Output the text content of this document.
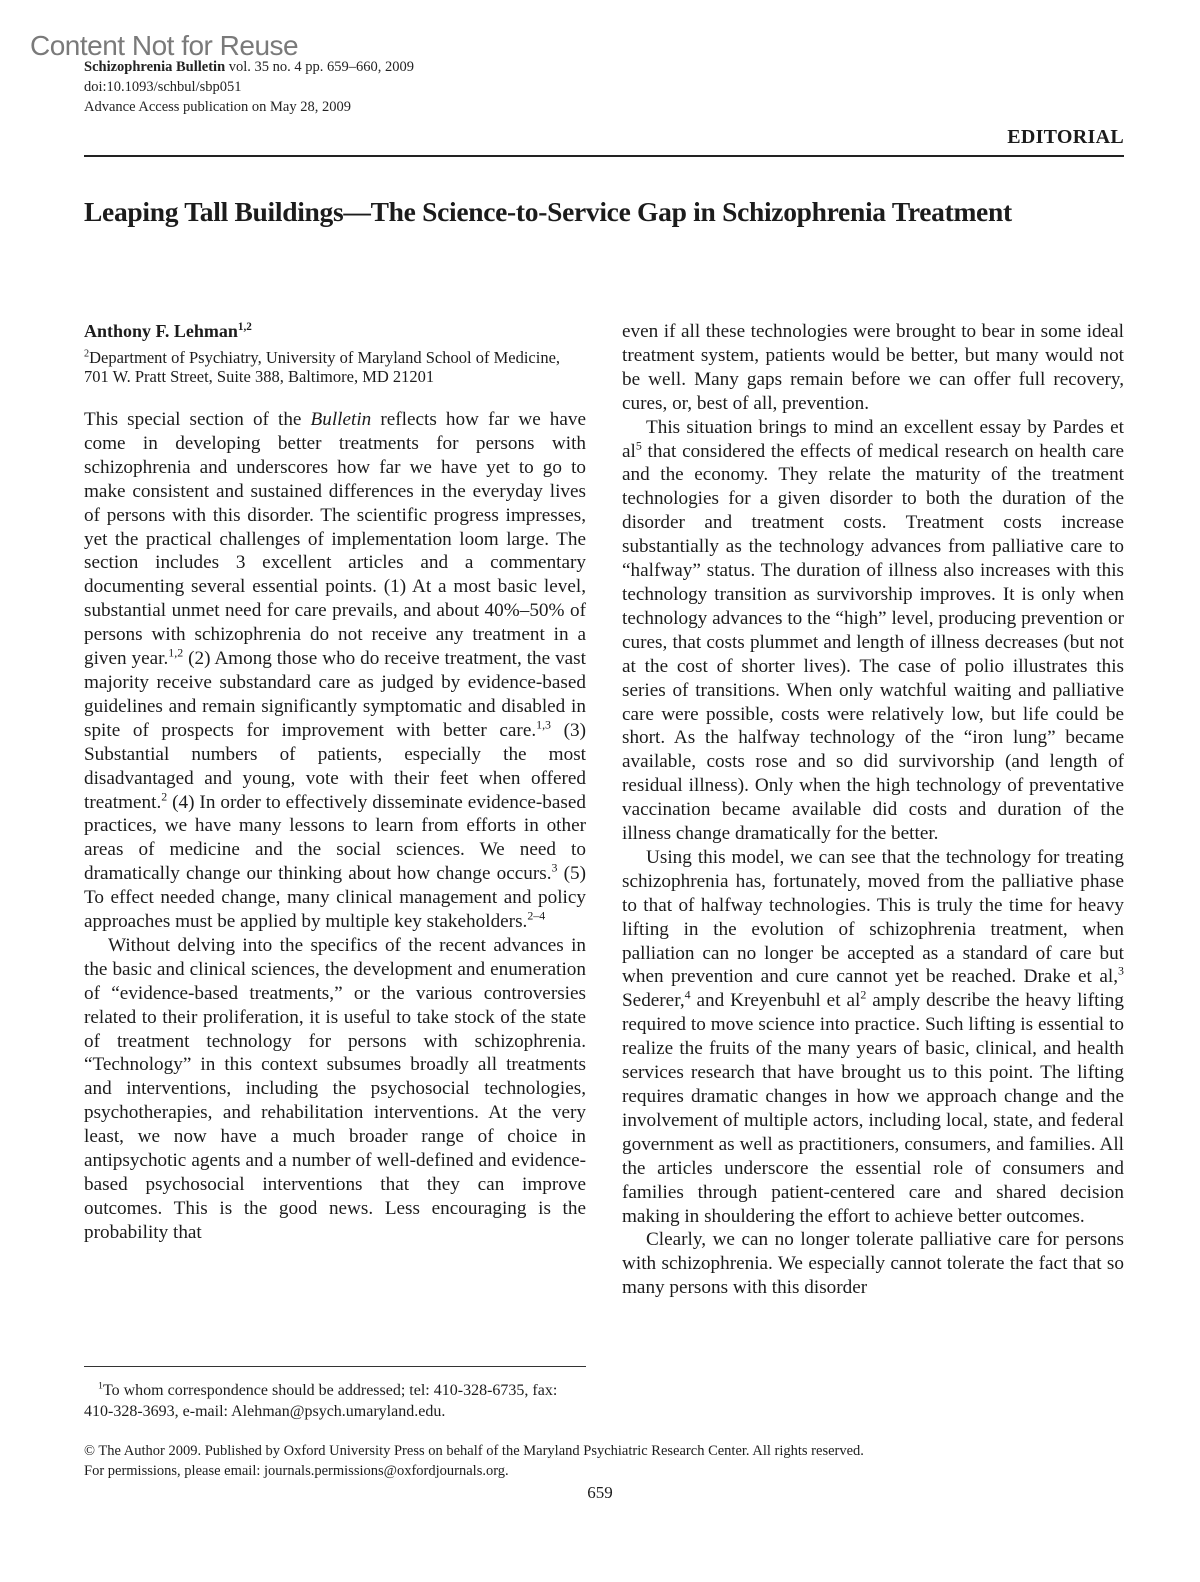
Content Not for Reuse
Schizophrenia Bulletin vol. 35 no. 4 pp. 659–660, 2009
doi:10.1093/schbul/sbp051
Advance Access publication on May 28, 2009
EDITORIAL
Leaping Tall Buildings—The Science-to-Service Gap in Schizophrenia Treatment
Anthony F. Lehman$^{1,2}$
$^2$Department of Psychiatry, University of Maryland School of Medicine, 701 W. Pratt Street, Suite 388, Baltimore, MD 21201

This special section of the Bulletin reflects how far we have come in developing better treatments for persons with schizophrenia and underscores how far we have yet to go to make consistent and sustained differences in the everyday lives of persons with this disorder. The scientific progress impresses, yet the practical challenges of implementation loom large. The section includes 3 excellent articles and a commentary documenting several essential points. (1) At a most basic level, substantial unmet need for care prevails, and about 40%–50% of persons with schizophrenia do not receive any treatment in a given year.$^{1,2}$ (2) Among those who do receive treatment, the vast majority receive substandard care as judged by evidence-based guidelines and remain significantly symptomatic and disabled in spite of prospects for improvement with better care.$^{1,3}$ (3) Substantial numbers of patients, especially the most disadvantaged and young, vote with their feet when offered treatment.$^2$ (4) In order to effectively disseminate evidence-based practices, we have many lessons to learn from efforts in other areas of medicine and the social sciences. We need to dramatically change our thinking about how change occurs.$^3$ (5) To effect needed change, many clinical management and policy approaches must be applied by multiple key stakeholders.$^{2-4}$

Without delving into the specifics of the recent advances in the basic and clinical sciences, the development and enumeration of “evidence-based treatments,” or the various controversies related to their proliferation, it is useful to take stock of the state of treatment technology for persons with schizophrenia. “Technology” in this context subsumes broadly all treatments and interventions, including the psychosocial technologies, psychotherapies, and rehabilitation interventions. At the very least, we now have a much broader range of choice in antipsychotic agents and a number of well-defined and evidence-based psychosocial interventions that they can improve outcomes. This is the good news. Less encouraging is the probability that

even if all these technologies were brought to bear in some ideal treatment system, patients would be better, but many would not be well. Many gaps remain before we can offer full recovery, cures, or, best of all, prevention.

This situation brings to mind an excellent essay by Pardes et $al^5$ that considered the effects of medical research on health care and the economy. They relate the maturity of the treatment technologies for a given disorder to both the duration of the disorder and treatment costs. Treatment costs increase substantially as the technology advances from palliative care to “halfway” status. The duration of illness also increases with this technology transition as survivorship improves. It is only when technology advances to the “high” level, producing prevention or cures, that costs plummet and length of illness decreases (but not at the cost of shorter lives). The case of polio illustrates this series of transitions. When only watchful waiting and palliative care were possible, costs were relatively low, but life could be short. As the halfway technology of the “iron lung” became available, costs rose and so did survivorship (and length of residual illness). Only when the high technology of preventative vaccination became available did costs and duration of the illness change dramatically for the better.

Using this model, we can see that the technology for treating schizophrenia has, fortunately, moved from the palliative phase to that of halfway technologies. This is truly the time for heavy lifting in the evolution of schizophrenia treatment, when palliation can no longer be accepted as a standard of care but when prevention and cure cannot yet be reached. Drake et al,$^3$ Sederer,$^4$ and Kreyenbuhl et $al^2$ amply describe the heavy lifting required to move science into practice. Such lifting is essential to realize the fruits of the many years of basic, clinical, and health services research that have brought us to this point. The lifting requires dramatic changes in how we approach change and the involvement of multiple actors, including local, state, and federal government as well as practitioners, consumers, and families. All the articles underscore the essential role of consumers and families through patient-centered care and shared decision making in shouldering the effort to achieve better outcomes.

Clearly, we can no longer tolerate palliative care for persons with schizophrenia. We especially cannot tolerate the fact that so many persons with this disorder

$^1$To whom correspondence should be addressed; tel: 410-328-6735, fax: 410-328-3693, e-mail: Alehman@psych.umaryland.edu.
© The Author 2009. Published by Oxford University Press on behalf of the Maryland Psychiatric Research Center. All rights reserved.
For permissions, please email: journals.permissions@oxfordjournals.org.
659
